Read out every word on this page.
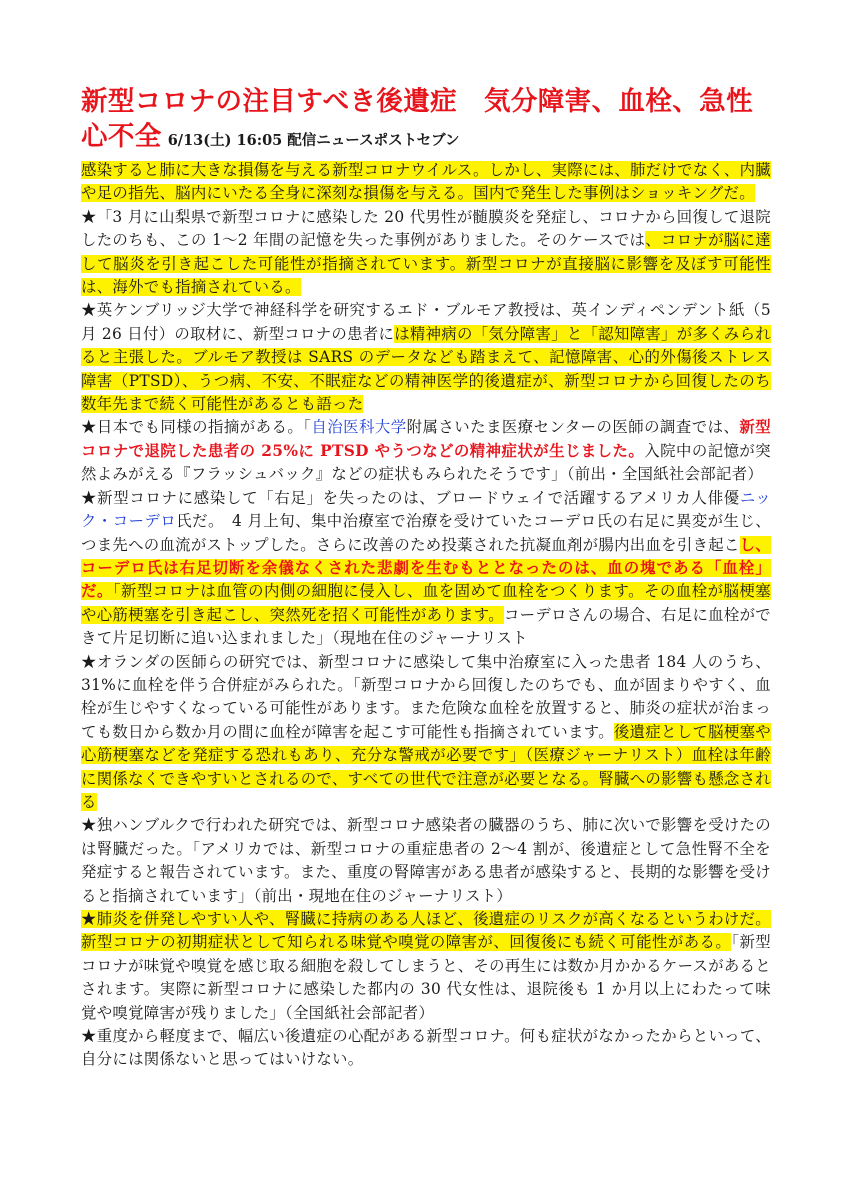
新型コロナの注目すべき後遺症　気分障害、血栓、急性心不全 6/13(土) 16:05 配信ニュースポストセブン

感染すると肺に大きな損傷を与える新型コロナウイルス。しかし、実際には、肺だけでなく、内臓や足の指先、脳内にいたる全身に深刻な損傷を与える。国内で発生した事例はショッキングだ。

★「3 月に山梨県で新型コロナに感染した 20 代男性が髄膜炎を発症し、コロナから回復して退院したのちも、この 1〜2 年間の記憶を失った事例がありました。そのケースでは、コロナが脳に達して脳炎を引き起こした可能性が指摘されています。新型コロナが直接脳に影響を及ぼす可能性は、海外でも指摘されている。

★英ケンブリッジ大学で神経科学を研究するエド・ブルモア教授は、英インディペンデント紙（5 月 26 日付）の取材に、新型コロナの患者には精神病の「気分障害」と「認知障害」が多くみられると主張した。ブルモア教授は SARS のデータなども踏まえて、記憶障害、心的外傷後ストレス障害（PTSD）、うつ病、不安、不眠症などの精神医学的後遺症が、新型コロナから回復したのち数年先まで続く可能性があるとも語った

★日本でも同様の指摘がある。「自治医科大学附属さいたま医療センターの医師の調査では、新型コロナで退院した患者の 25%に PTSD やうつなどの精神症状が生じました。入院中の記憶が突然よみがえる『フラッシュバック』などの症状もみられたそうです」（前出・全国紙社会部記者）

★新型コロナに感染して「右足」を失ったのは、ブロードウェイで活躍するアメリカ人俳優ニック・コーデロ氏だ。　4 月上旬、集中治療室で治療を受けていたコーデロ氏の右足に異変が生じ、つま先への血流がストップした。さらに改善のため投薬された抗凝血剤が腸内出血を引き起こし、コーデロ氏は右足切断を余儀なくされた悲劇を生むもととなったのは、血の塊である「血栓」だ。「新型コロナは血管の内側の細胞に侵入し、血を固めて血栓をつくります。その血栓が脳梗塞や心筋梗塞を引き起こし、突然死を招く可能性があります。コーデロさんの場合、右足に血栓ができて片足切断に追い込まれました」（現地在住のジャーナリスト

★オランダの医師らの研究では、新型コロナに感染して集中治療室に入った患者 184 人のうち、31%に血栓を伴う合併症がみられた。「新型コロナから回復したのちでも、血が固まりやすく、血栓が生じやすくなっている可能性があります。また危険な血栓を放置すると、肺炎の症状が治まっても数日から数か月の間に血栓が障害を起こす可能性も指摘されています。後遺症として脳梗塞や心筋梗塞などを発症する恐れもあり、充分な警戒が必要です」（医療ジャーナリスト）血栓は年齢に関係なくできやすいとされるので、すべての世代で注意が必要となる。腎臓への影響も懸念される

★独ハンブルクで行われた研究では、新型コロナ感染者の臓器のうち、肺に次いで影響を受けたのは腎臓だった。「アメリカでは、新型コロナの重症患者の 2〜4 割が、後遺症として急性腎不全を発症すると報告されています。また、重度の腎障害がある患者が感染すると、長期的な影響を受けると指摘されています」（前出・現地在住のジャーナリスト）

★肺炎を併発しやすい人や、腎臓に持病のある人ほど、後遺症のリスクが高くなるというわけだ。新型コロナの初期症状として知られる味覚や嗅覚の障害が、回復後にも続く可能性がある。「新型コロナが味覚や嗅覚を感じ取る細胞を殺してしまうと、その再生には数か月かかるケースがあるとされます。実際に新型コロナに感染した都内の 30 代女性は、退院後も 1 か月以上にわたって味覚や嗅覚障害が残りました」（全国紙社会部記者）

★重度から軽度まで、幅広い後遺症の心配がある新型コロナ。何も症状がなかったからといって、自分には関係ないと思ってはいけない。
